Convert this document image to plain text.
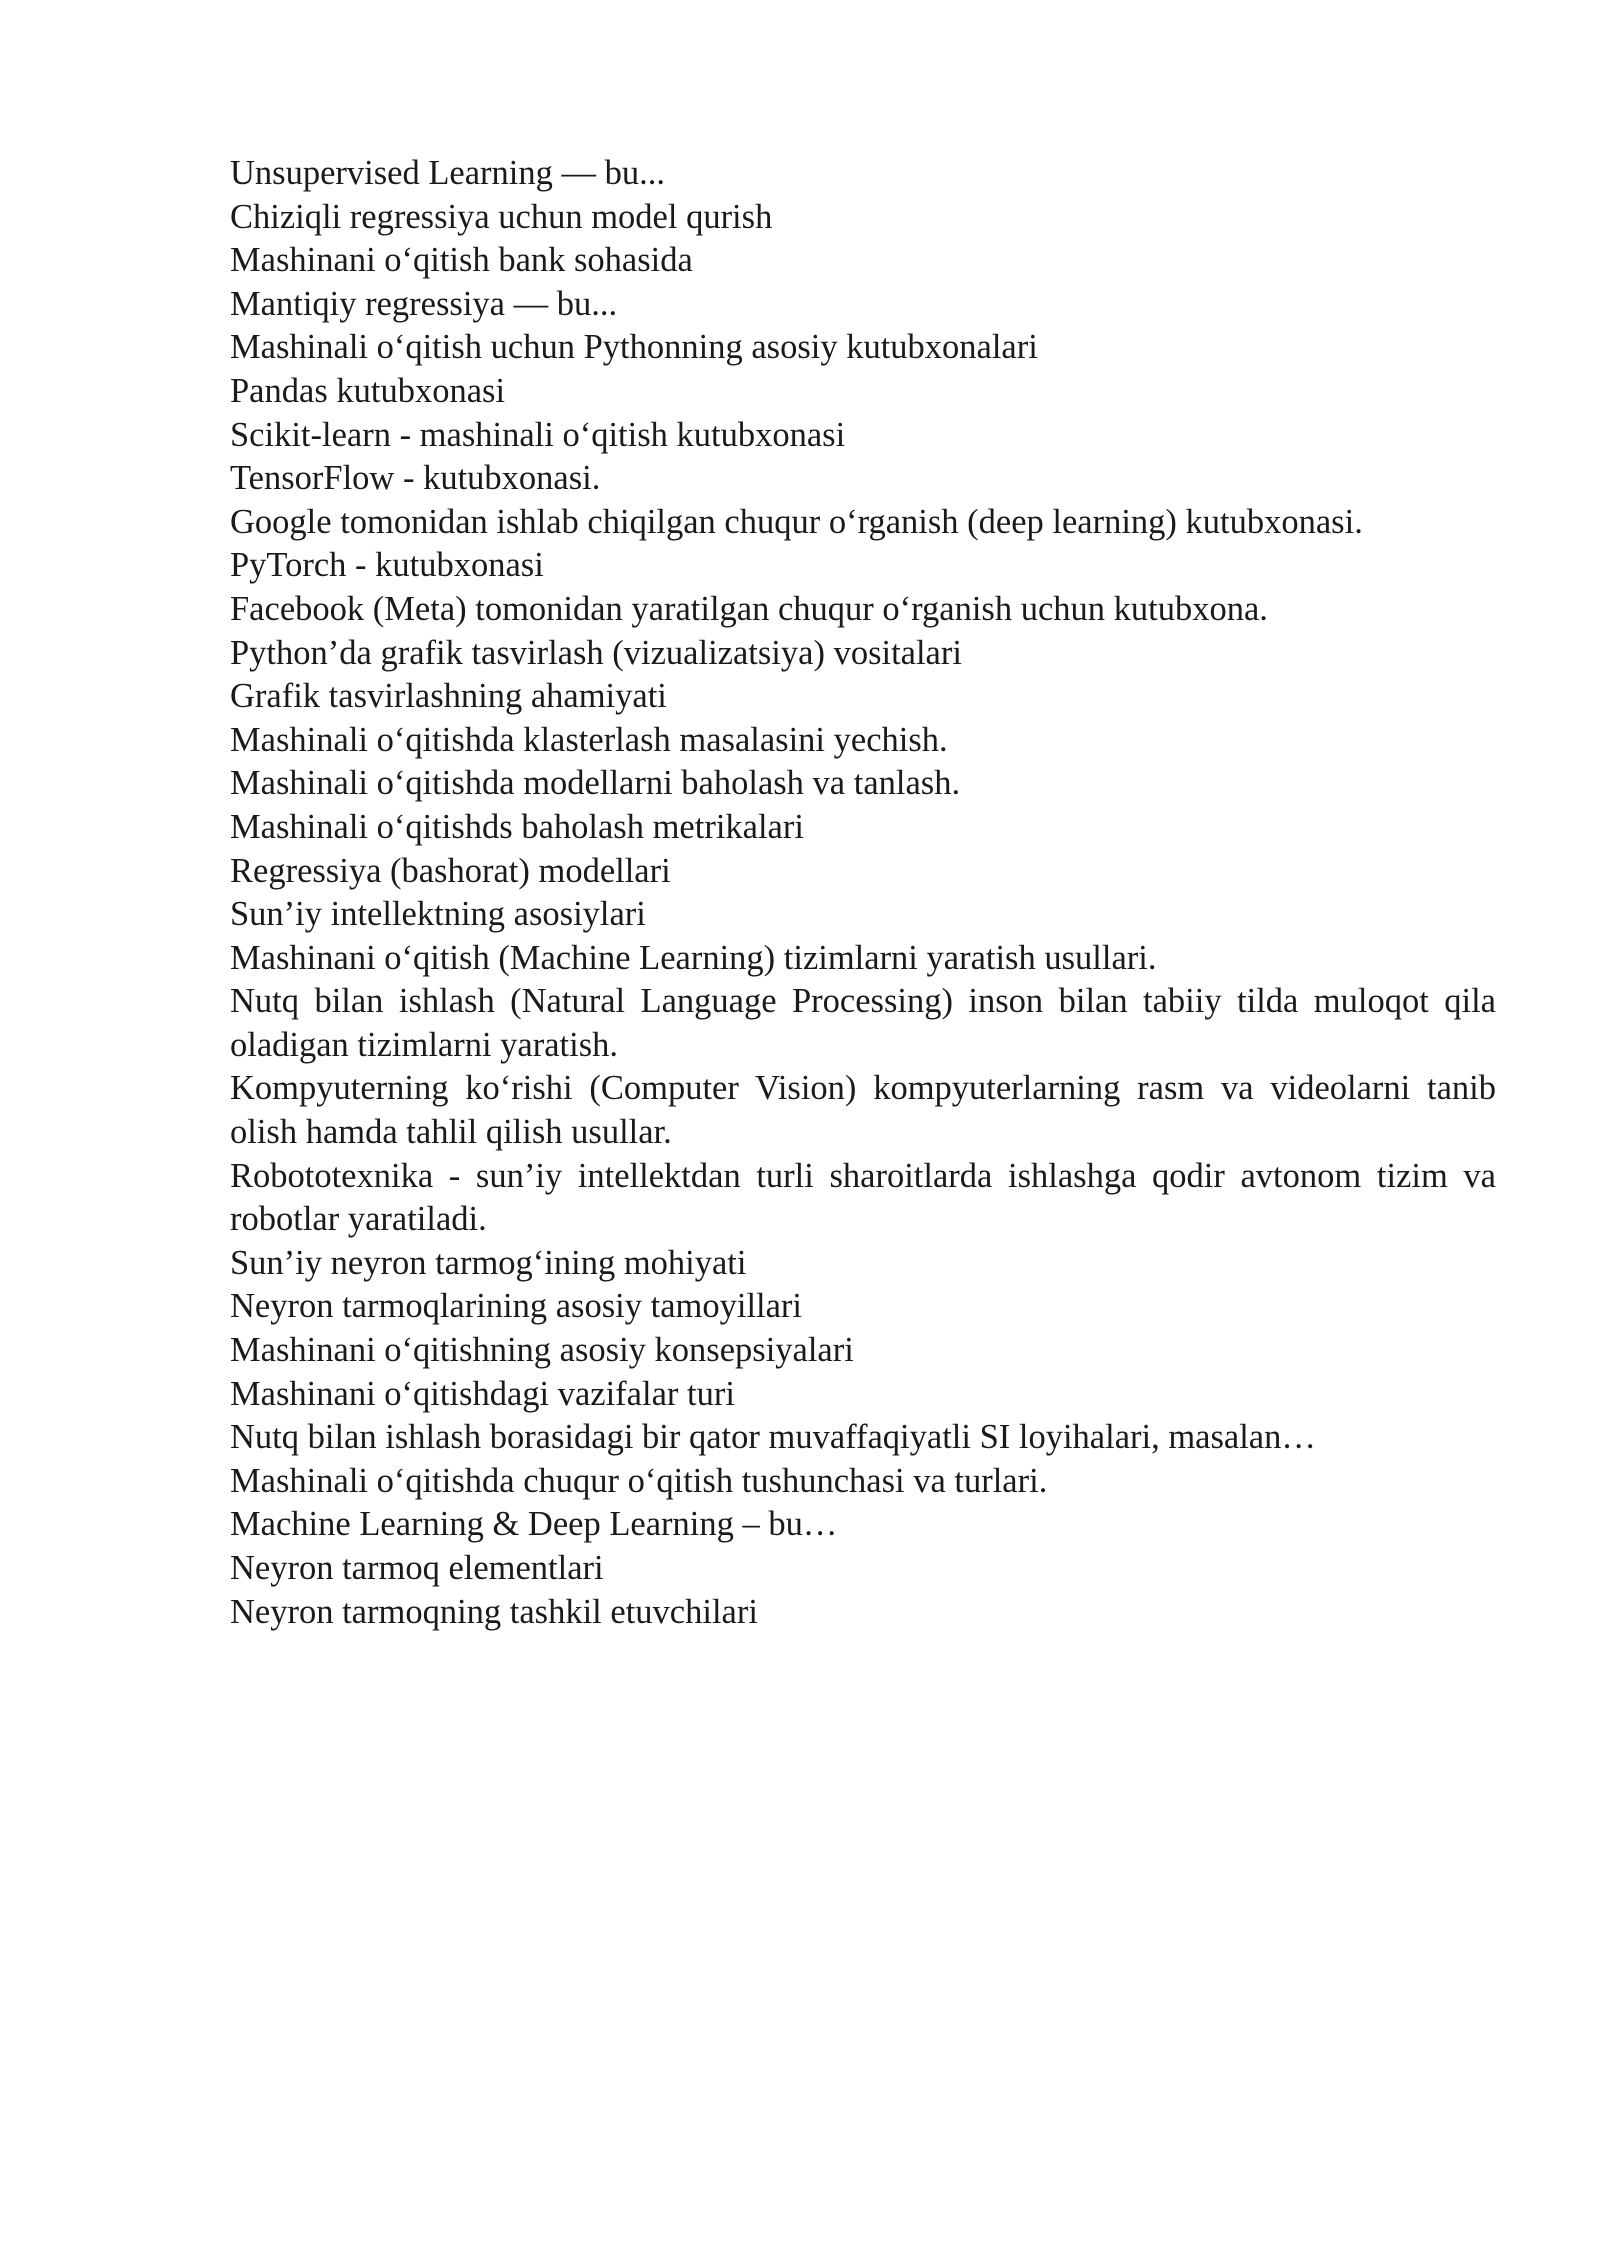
Unsupervised Learning — bu...

Chiziqli regressiya uchun model qurish

Mashinani o‘qitish bank sohasida

Mantiqiy regressiya — bu...

Mashinali o‘qitish uchun Pythonning asosiy kutubxonalari

Pandas kutubxonasi

Scikit-learn - mashinali o‘qitish kutubxonasi

TensorFlow - kutubxonasi.

Google tomonidan ishlab chiqilgan chuqur o‘rganish (deep learning) kutubxonasi.

PyTorch - kutubxonasi

Facebook (Meta) tomonidan yaratilgan chuqur o‘rganish uchun kutubxona.

Python’da grafik tasvirlash (vizualizatsiya) vositalari

Grafik tasvirlashning ahamiyati

Mashinali o‘qitishda klasterlash masalasini yechish.

Mashinali o‘qitishda modellarni baholash va tanlash.

Mashinali o‘qitishds baholash metrikalari

Regressiya (bashorat) modellari

Sun’iy intellektning asosiylari

Mashinani o‘qitish (Machine Learning) tizimlarni yaratish usullari.

Nutq bilan ishlash (Natural Language Processing) inson bilan tabiiy tilda muloqot qila oladigan tizimlarni yaratish.

Kompyuterning ko‘rishi (Computer Vision) kompyuterlarning rasm va videolarni tanib olish hamda tahlil qilish usullar.

Robototexnika - sun’iy intellektdan turli sharoitlarda ishlashga qodir avtonom tizim va robotlar yaratiladi.

Sun’iy neyron tarmog‘ining mohiyati

Neyron tarmoqlarining asosiy tamoyillari

Mashinani o‘qitishning asosiy konsepsiyalari

Mashinani o‘qitishdagi vazifalar turi

Nutq bilan ishlash borasidagi bir qator muvaffaqiyatli SI loyihalari, masalan…

Mashinali o‘qitishda chuqur o‘qitish tushunchasi va turlari.

Machine Learning & Deep Learning – bu…

Neyron tarmoq elementlari

Neyron tarmoqning tashkil etuvchilari
